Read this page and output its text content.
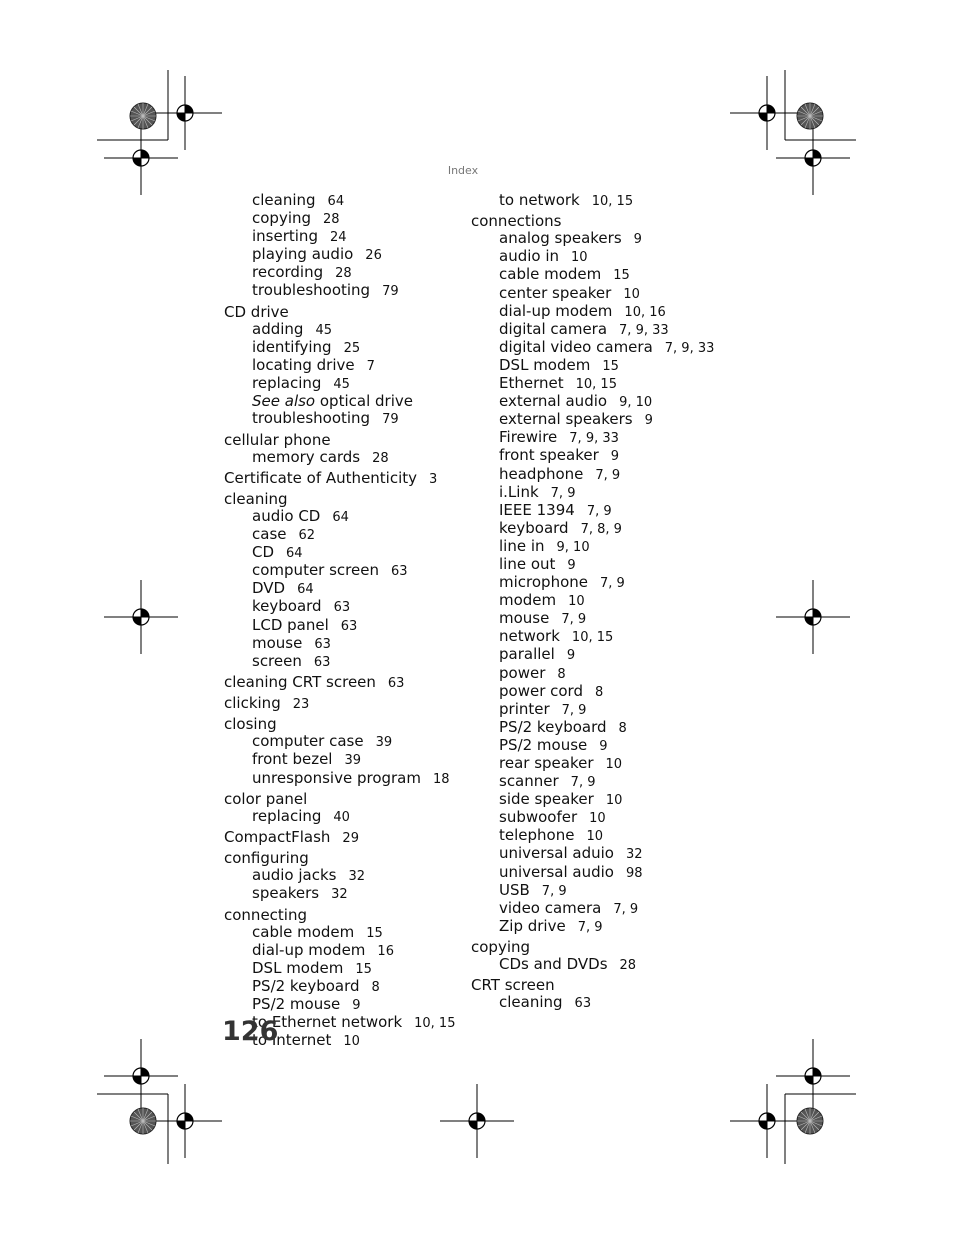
Index
cleaning 64
copying 28
inserting 24
playing audio 26
recording 28
troubleshooting 79
CD drive
adding 45
identifying 25
locating drive 7
replacing 45
See also optical drive
troubleshooting 79
cellular phone
memory cards 28
Certificate of Authenticity 3
cleaning
audio CD 64
case 62
CD 64
computer screen 63
DVD 64
keyboard 63
LCD panel 63
mouse 63
screen 63
cleaning CRT screen 63
clicking 23
closing
computer case 39
front bezel 39
unresponsive program 18
color panel
replacing 40
CompactFlash 29
configuring
audio jacks 32
speakers 32
connecting
cable modem 15
dial-up modem 16
DSL modem 15
PS/2 keyboard 8
PS/2 mouse 9
to Ethernet network 10, 15
to Internet 10
to network 10, 15
connections
analog speakers 9
audio in 10
cable modem 15
center speaker 10
dial-up modem 10, 16
digital camera 7, 9, 33
digital video camera 7, 9, 33
DSL modem 15
Ethernet 10, 15
external audio 9, 10
external speakers 9
Firewire 7, 9, 33
front speaker 9
headphone 7, 9
i.Link 7, 9
IEEE 1394 7, 9
keyboard 7, 8, 9
line in 9, 10
line out 9
microphone 7, 9
modem 10
mouse 7, 9
network 10, 15
parallel 9
power 8
power cord 8
printer 7, 9
PS/2 keyboard 8
PS/2 mouse 9
rear speaker 10
scanner 7, 9
side speaker 10
subwoofer 10
telephone 10
universal aduio 32
universal audio 98
USB 7, 9
video camera 7, 9
Zip drive 7, 9
copying
CDs and DVDs 28
CRT screen
cleaning 63
126
